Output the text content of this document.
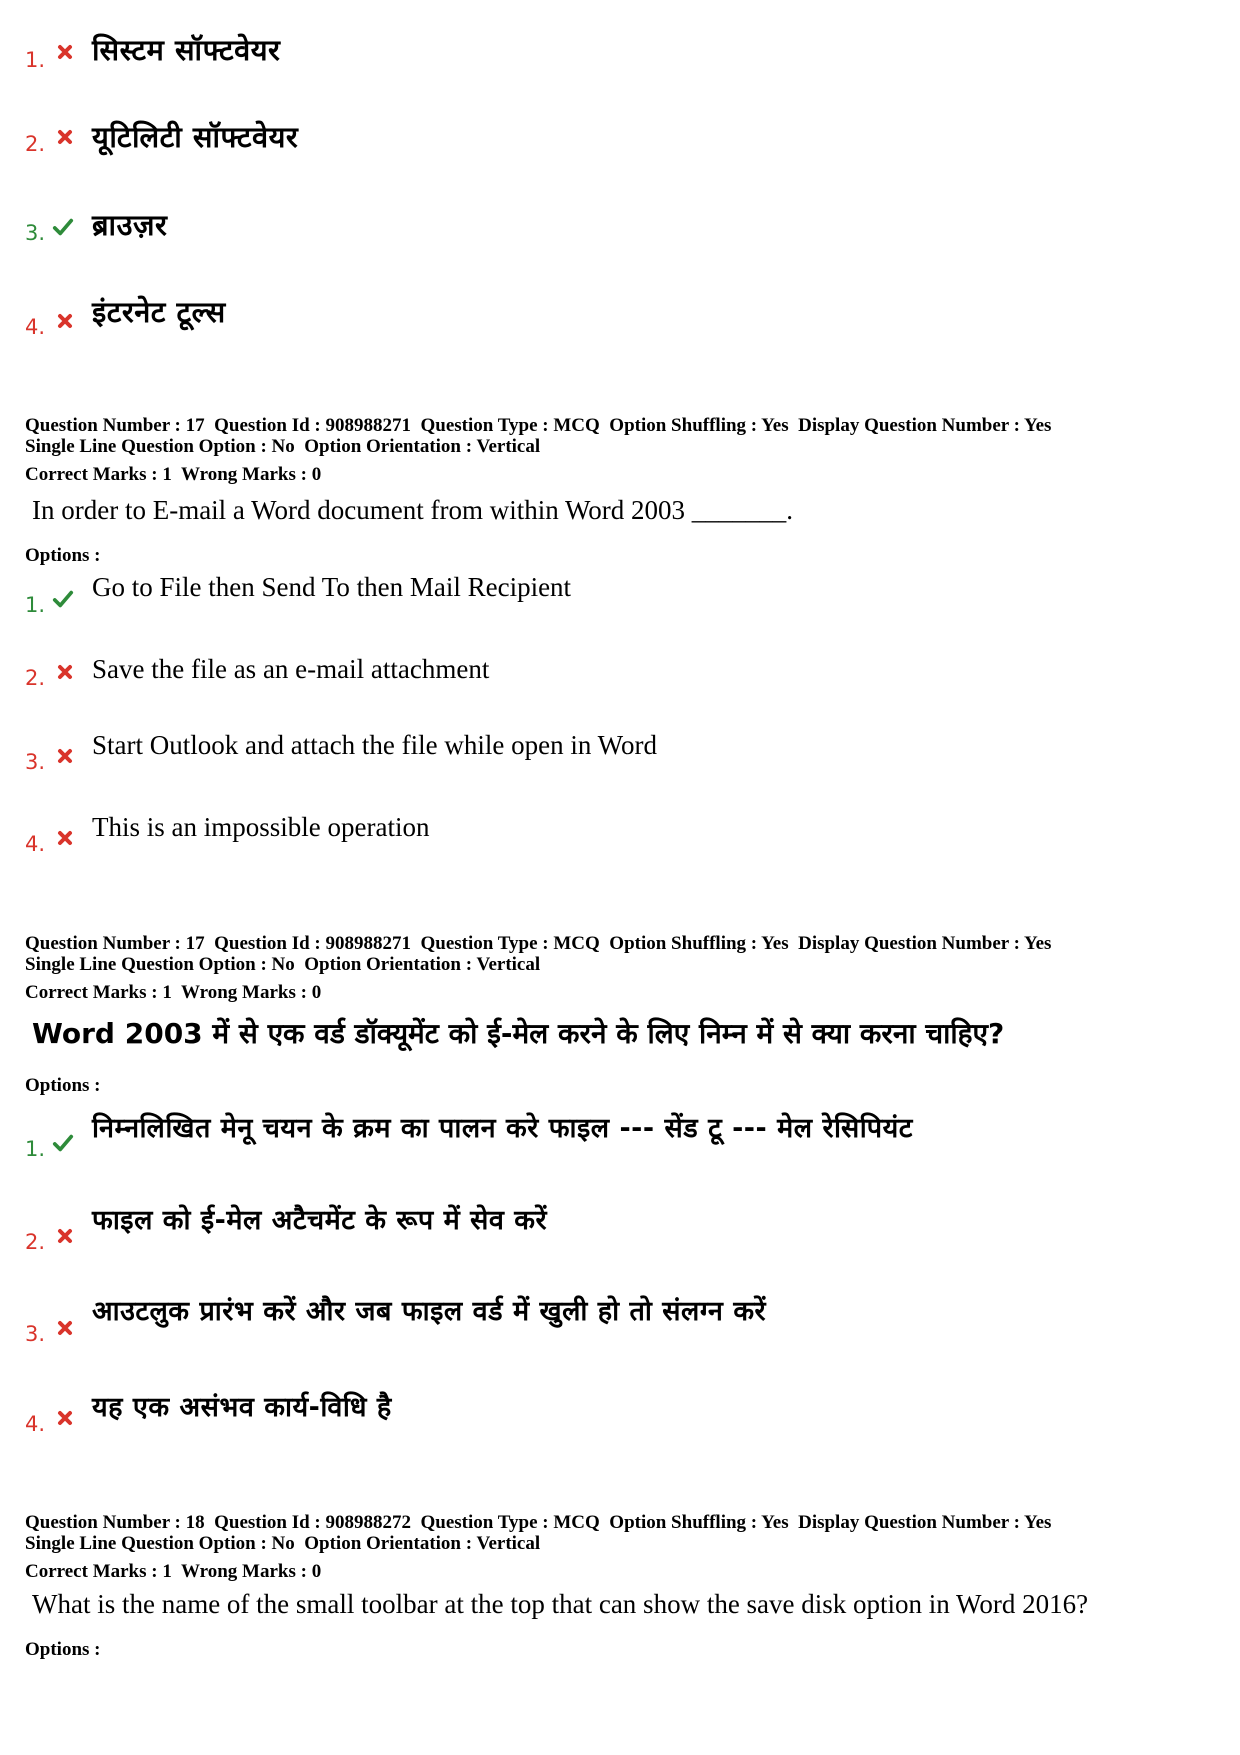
1. सिस्टम सॉफ्टवेयर
2. यूटिलिटी सॉफ्टवेयर
3. ब्राउज़र
4. इंटरनेट टूल्स
Question Number : 17  Question Id : 908988271  Question Type : MCQ  Option Shuffling : Yes  Display Question Number : Yes
Single Line Question Option : No  Option Orientation : Vertical
Correct Marks : 1  Wrong Marks : 0
In order to E-mail a Word document from within Word 2003 _______.
Options :
1.
Go to File then Send To then Mail Recipient
2. Save the file as an e-mail attachment
3.
Start Outlook and attach the file while open in Word
4.
This is an impossible operation
Question Number : 17  Question Id : 908988271  Question Type : MCQ  Option Shuffling : Yes  Display Question Number : Yes
Single Line Question Option : No  Option Orientation : Vertical
Correct Marks : 1  Wrong Marks : 0
Word 2003 में से एक वर्ड डॉक्यूमेंट को ई-मेल करने के लिए निम्न में से क्या करना चाहिए?
Options :
1.
निम्नलिखित मेनू चयन के क्रम का पालन करे फाइल --- सेंड टू --- मेल रेसिपियंट
2.
फाइल को ई-मेल अटैचमेंट के रूप में सेव करें
3.
आउटलुक प्रारंभ करें और जब फाइल वर्ड में खुली हो तो संलग्न करें
4.
यह एक असंभव कार्य-विधि है
Question Number : 18  Question Id : 908988272  Question Type : MCQ  Option Shuffling : Yes  Display Question Number : Yes
Single Line Question Option : No  Option Orientation : Vertical
Correct Marks : 1  Wrong Marks : 0
What is the name of the small toolbar at the top that can show the save disk option in Word 2016?
Options :
